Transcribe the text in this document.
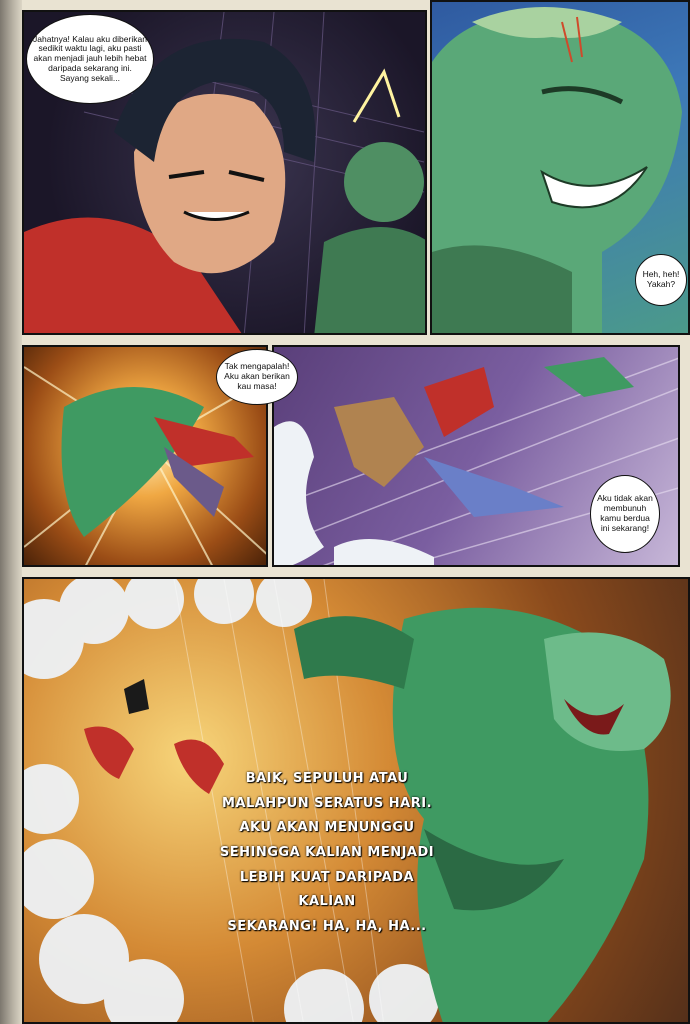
Jahatnya! Kalau aku diberikan sedikit waktu lagi, aku pasti akan menjadi jauh lebih hebat daripada sekarang ini. Sayang sekali...
Heh, heh! Yakah?
Aku tidak akan membunuh kamu berdua ini sekarang!
Tak mengapalah! Aku akan berikan kau masa!
BAIK, SEPULUH ATAU
MALAHPUN SERATUS HARI.
AKU AKAN MENUNGGU
SEHINGGA KALIAN MENJADI
LEBIH KUAT DARIPADA KALIAN
SEKARANG! HA, HA, HA...
